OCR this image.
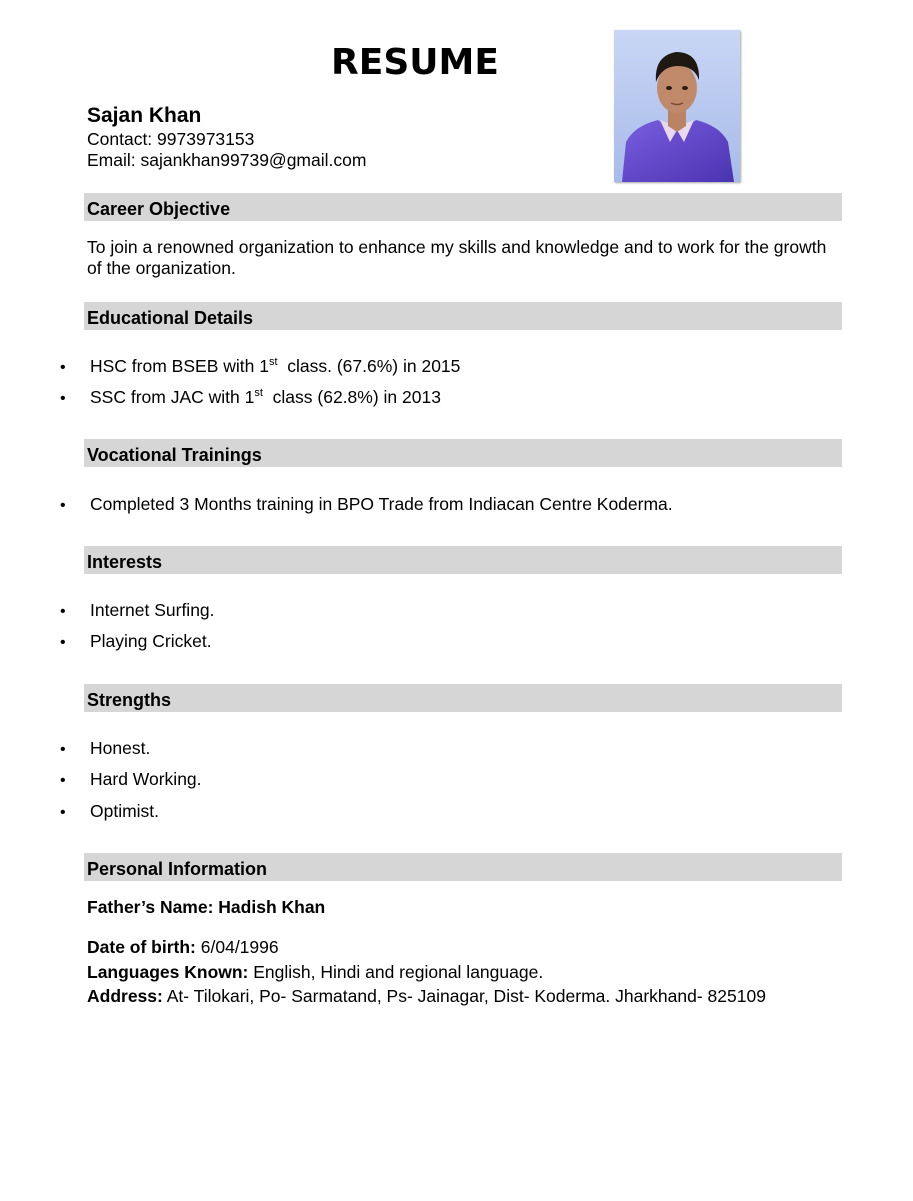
RESUME
Sajan Khan
Contact: 9973973153
Email: sajankhan99739@gmail.com
Career Objective
To join a renowned organization to enhance my skills and knowledge and to work for the growth of the organization.
Educational Details
• HSC from BSEB with 1st  class. (67.6%) in 2015
• SSC from JAC with 1st  class (62.8%) in 2013
Vocational Trainings
• Completed 3 Months training in BPO Trade from Indiacan Centre Koderma.
Interests
• Internet Surfing.
• Playing Cricket.
Strengths
• Honest.
• Hard Working.
• Optimist.
Personal Information
Father’s Name: Hadish Khan
Date of birth: 6/04/1996
Languages Known: English, Hindi and regional language.
Address: At- Tilokari, Po- Sarmatand, Ps- Jainagar, Dist- Koderma. Jharkhand- 825109
